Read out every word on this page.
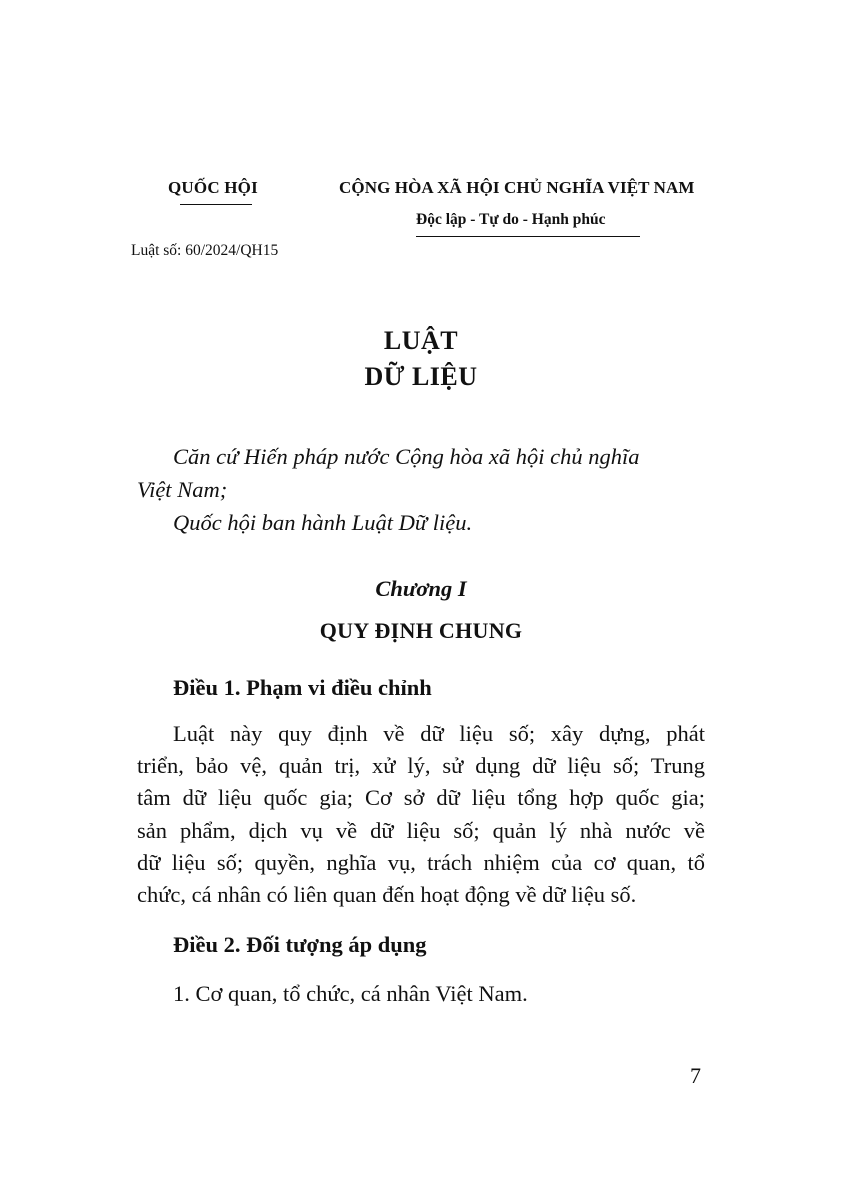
QUỐC HỘI	CỘNG HÒA XÃ HỘI CHỦ NGHĨA VIỆT NAM
Độc lập - Tự do - Hạnh phúc
Luật số: 60/2024/QH15
LUẬT
DỮ LIỆU
Căn cứ Hiến pháp nước Cộng hòa xã hội chủ nghĩa
Việt Nam;
Quốc hội ban hành Luật Dữ liệu.
Chương I
QUY ĐỊNH CHUNG
Điều 1. Phạm vi điều chỉnh
Luật này quy định về dữ liệu số; xây dựng, phát
triển, bảo vệ, quản trị, xử lý, sử dụng dữ liệu số; Trung
tâm dữ liệu quốc gia; Cơ sở dữ liệu tổng hợp quốc gia;
sản phẩm, dịch vụ về dữ liệu số; quản lý nhà nước về
dữ liệu số; quyền, nghĩa vụ, trách nhiệm của cơ quan, tổ
chức, cá nhân có liên quan đến hoạt động về dữ liệu số.
Điều 2. Đối tượng áp dụng
1. Cơ quan, tổ chức, cá nhân Việt Nam.
7
